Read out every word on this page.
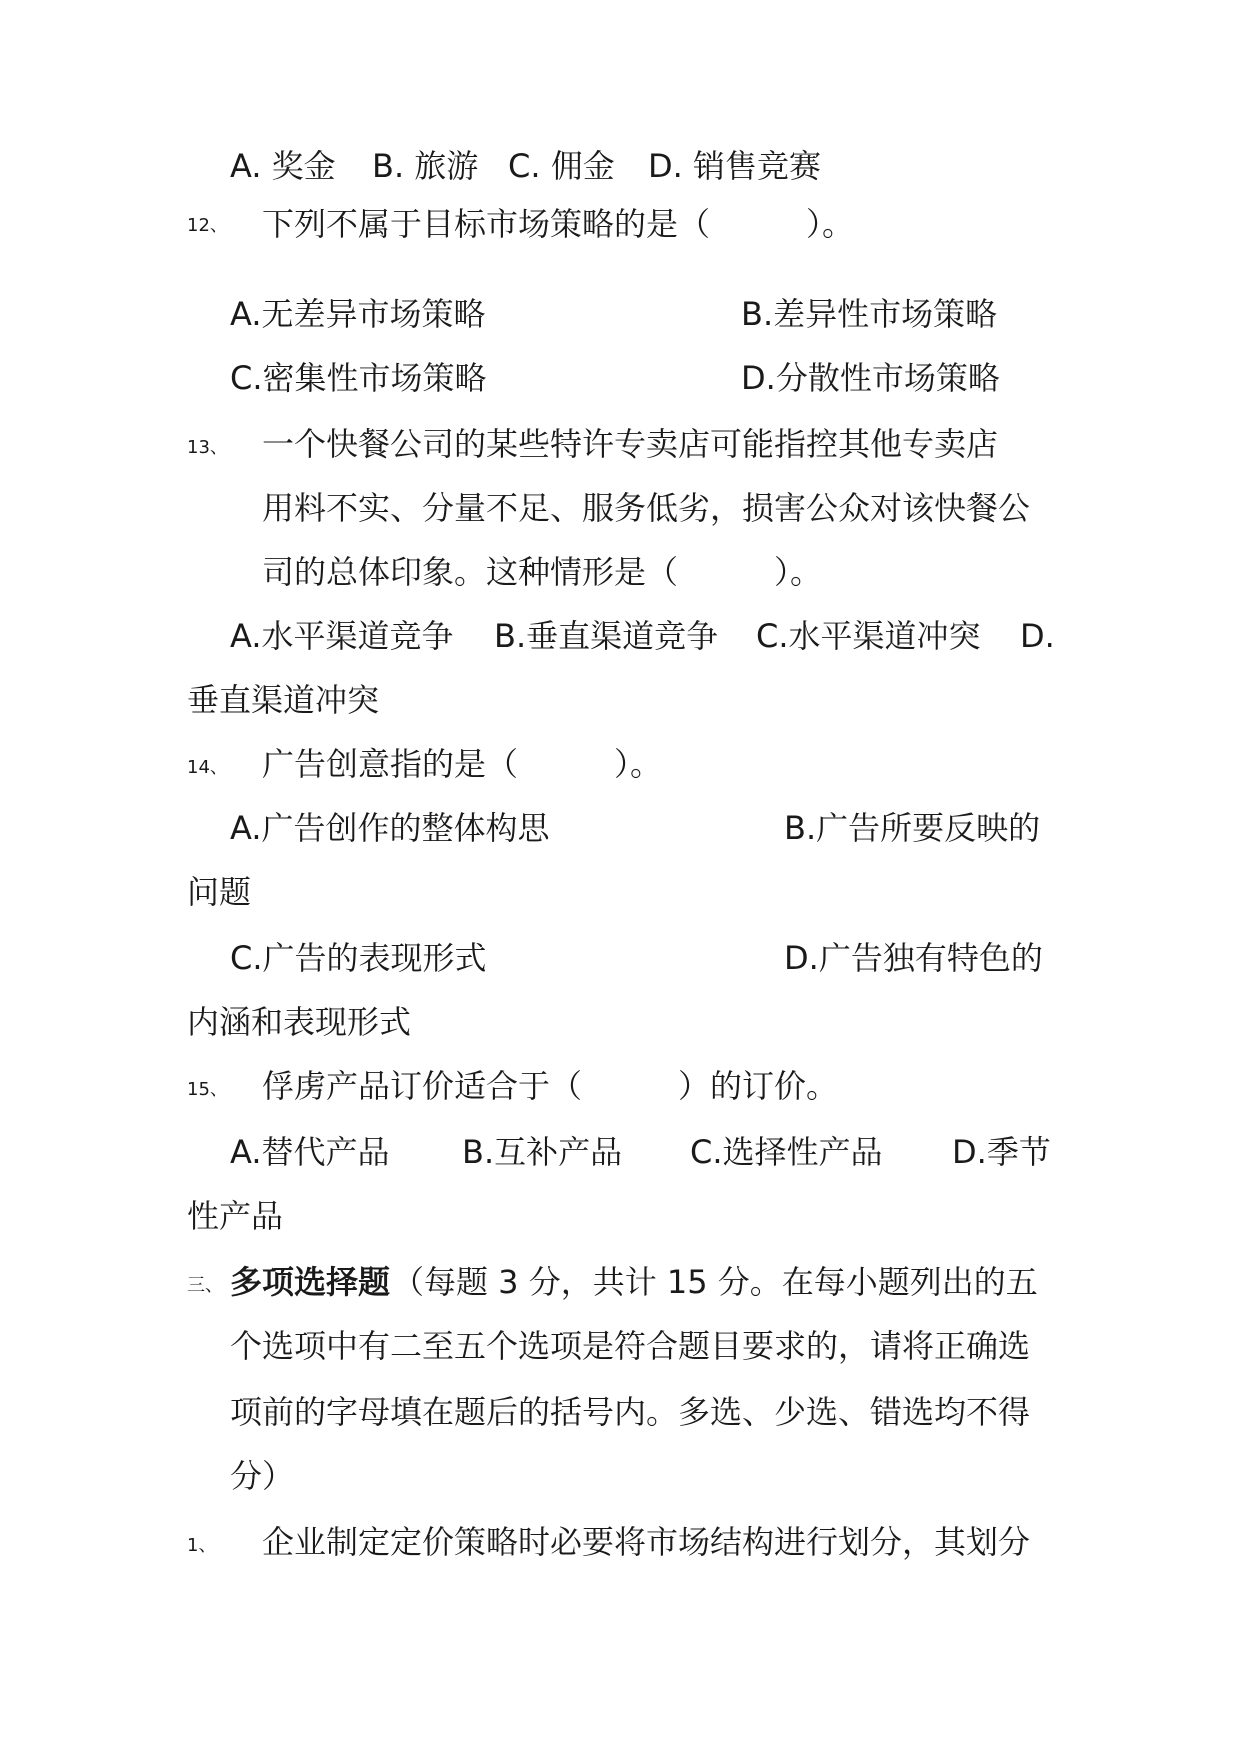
A. 奖金 B. 旅游 C. 佣金 D. 销售竞赛
12、 下列不属于目标市场策略的是（　　　）。
A.无差异市场策略	B.差异性市场策略
C.密集性市场策略	D.分散性市场策略
13、 一个快餐公司的某些特许专卖店可能指控其他专卖店
用料不实、分量不足、服务低劣，损害公众对该快餐公
司的总体印象。这种情形是（　　　）。
A.水平渠道竞争 B.垂直渠道竞争 C.水平渠道冲突 D.
垂直渠道冲突
14、 广告创意指的是（　　　）。
A.广告创作的整体构思	B.广告所要反映的
问题
C.广告的表现形式	D.广告独有特色的
内涵和表现形式
15、 俘虏产品订价适合于（　　　）的订价。
A.替代产品 B.互补产品 C.选择性产品 D.季节
性产品
三、 多项选择题 （每题 3 分，共计 15 分。在每小题列出的五
个选项中有二至五个选项是符合题目要求的，请将正确选
项前的字母填在题后的括号内。多选、少选、错选均不得
分）
1、 企业制定定价策略时必要将市场结构进行划分，其划分
